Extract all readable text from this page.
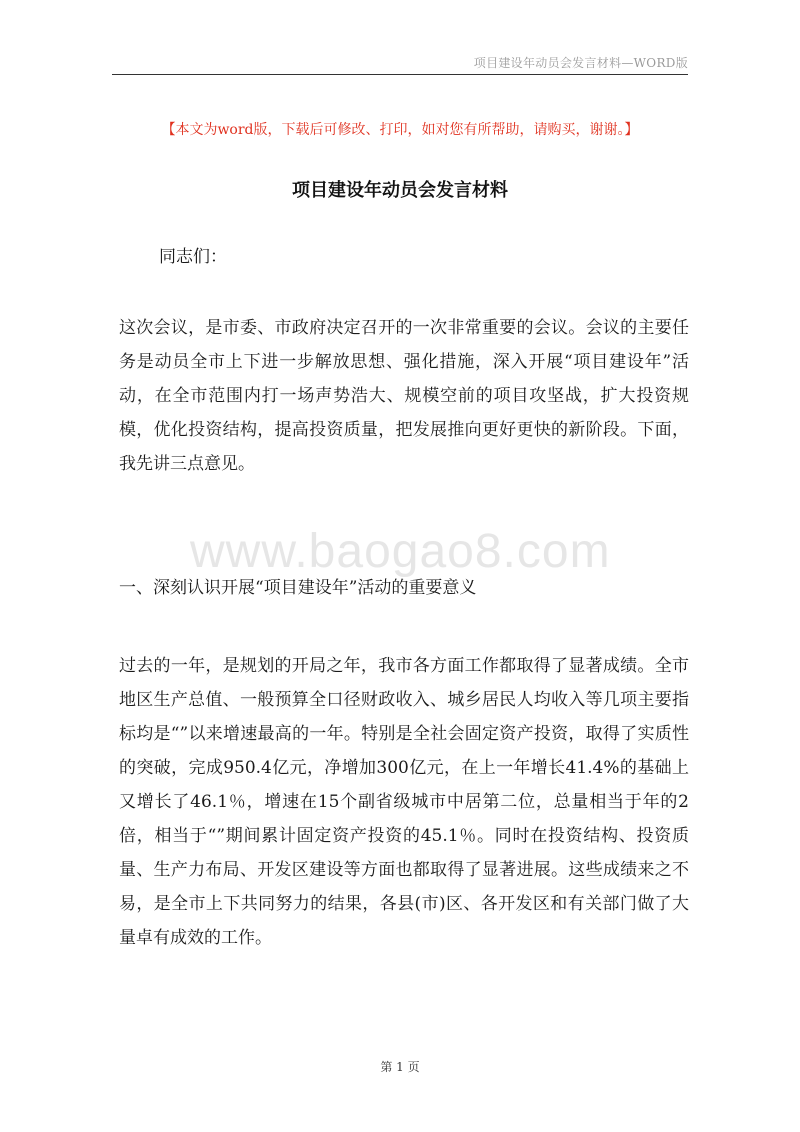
项目建设年动员会发言材料—WORD版
【本文为word版，下载后可修改、打印，如对您有所帮助，请购买，谢谢。】
项目建设年动员会发言材料

同志们：

这次会议，是市委、市政府决定召开的一次非常重要的会议。会议的主要任务是动员全市上下进一步解放思想、强化措施，深入开展“项目建设年”活动，在全市范围内打一场声势浩大、规模空前的项目攻坚战，扩大投资规模，优化投资结构，提高投资质量，把发展推向更好更快的新阶段。下面，我先讲三点意见。

www.baogao8.com

一、深刻认识开展“项目建设年”活动的重要意义

过去的一年，是规划的开局之年，我市各方面工作都取得了显著成绩。全市地区生产总值、一般预算全口径财政收入、城乡居民人均收入等几项主要指标均是“”以来增速最高的一年。特别是全社会固定资产投资，取得了实质性的突破，完成950.4亿元，净增加300亿元，在上一年增长41.4%的基础上又增长了46.1％，增速在15个副省级城市中居第二位，总量相当于年的2倍，相当于“”期间累计固定资产投资的45.1％。同时在投资结构、投资质量、生产力布局、开发区建设等方面也都取得了显著进展。这些成绩来之不易，是全市上下共同努力的结果，各县(市)区、各开发区和有关部门做了大量卓有成效的工作。

第 1 页
